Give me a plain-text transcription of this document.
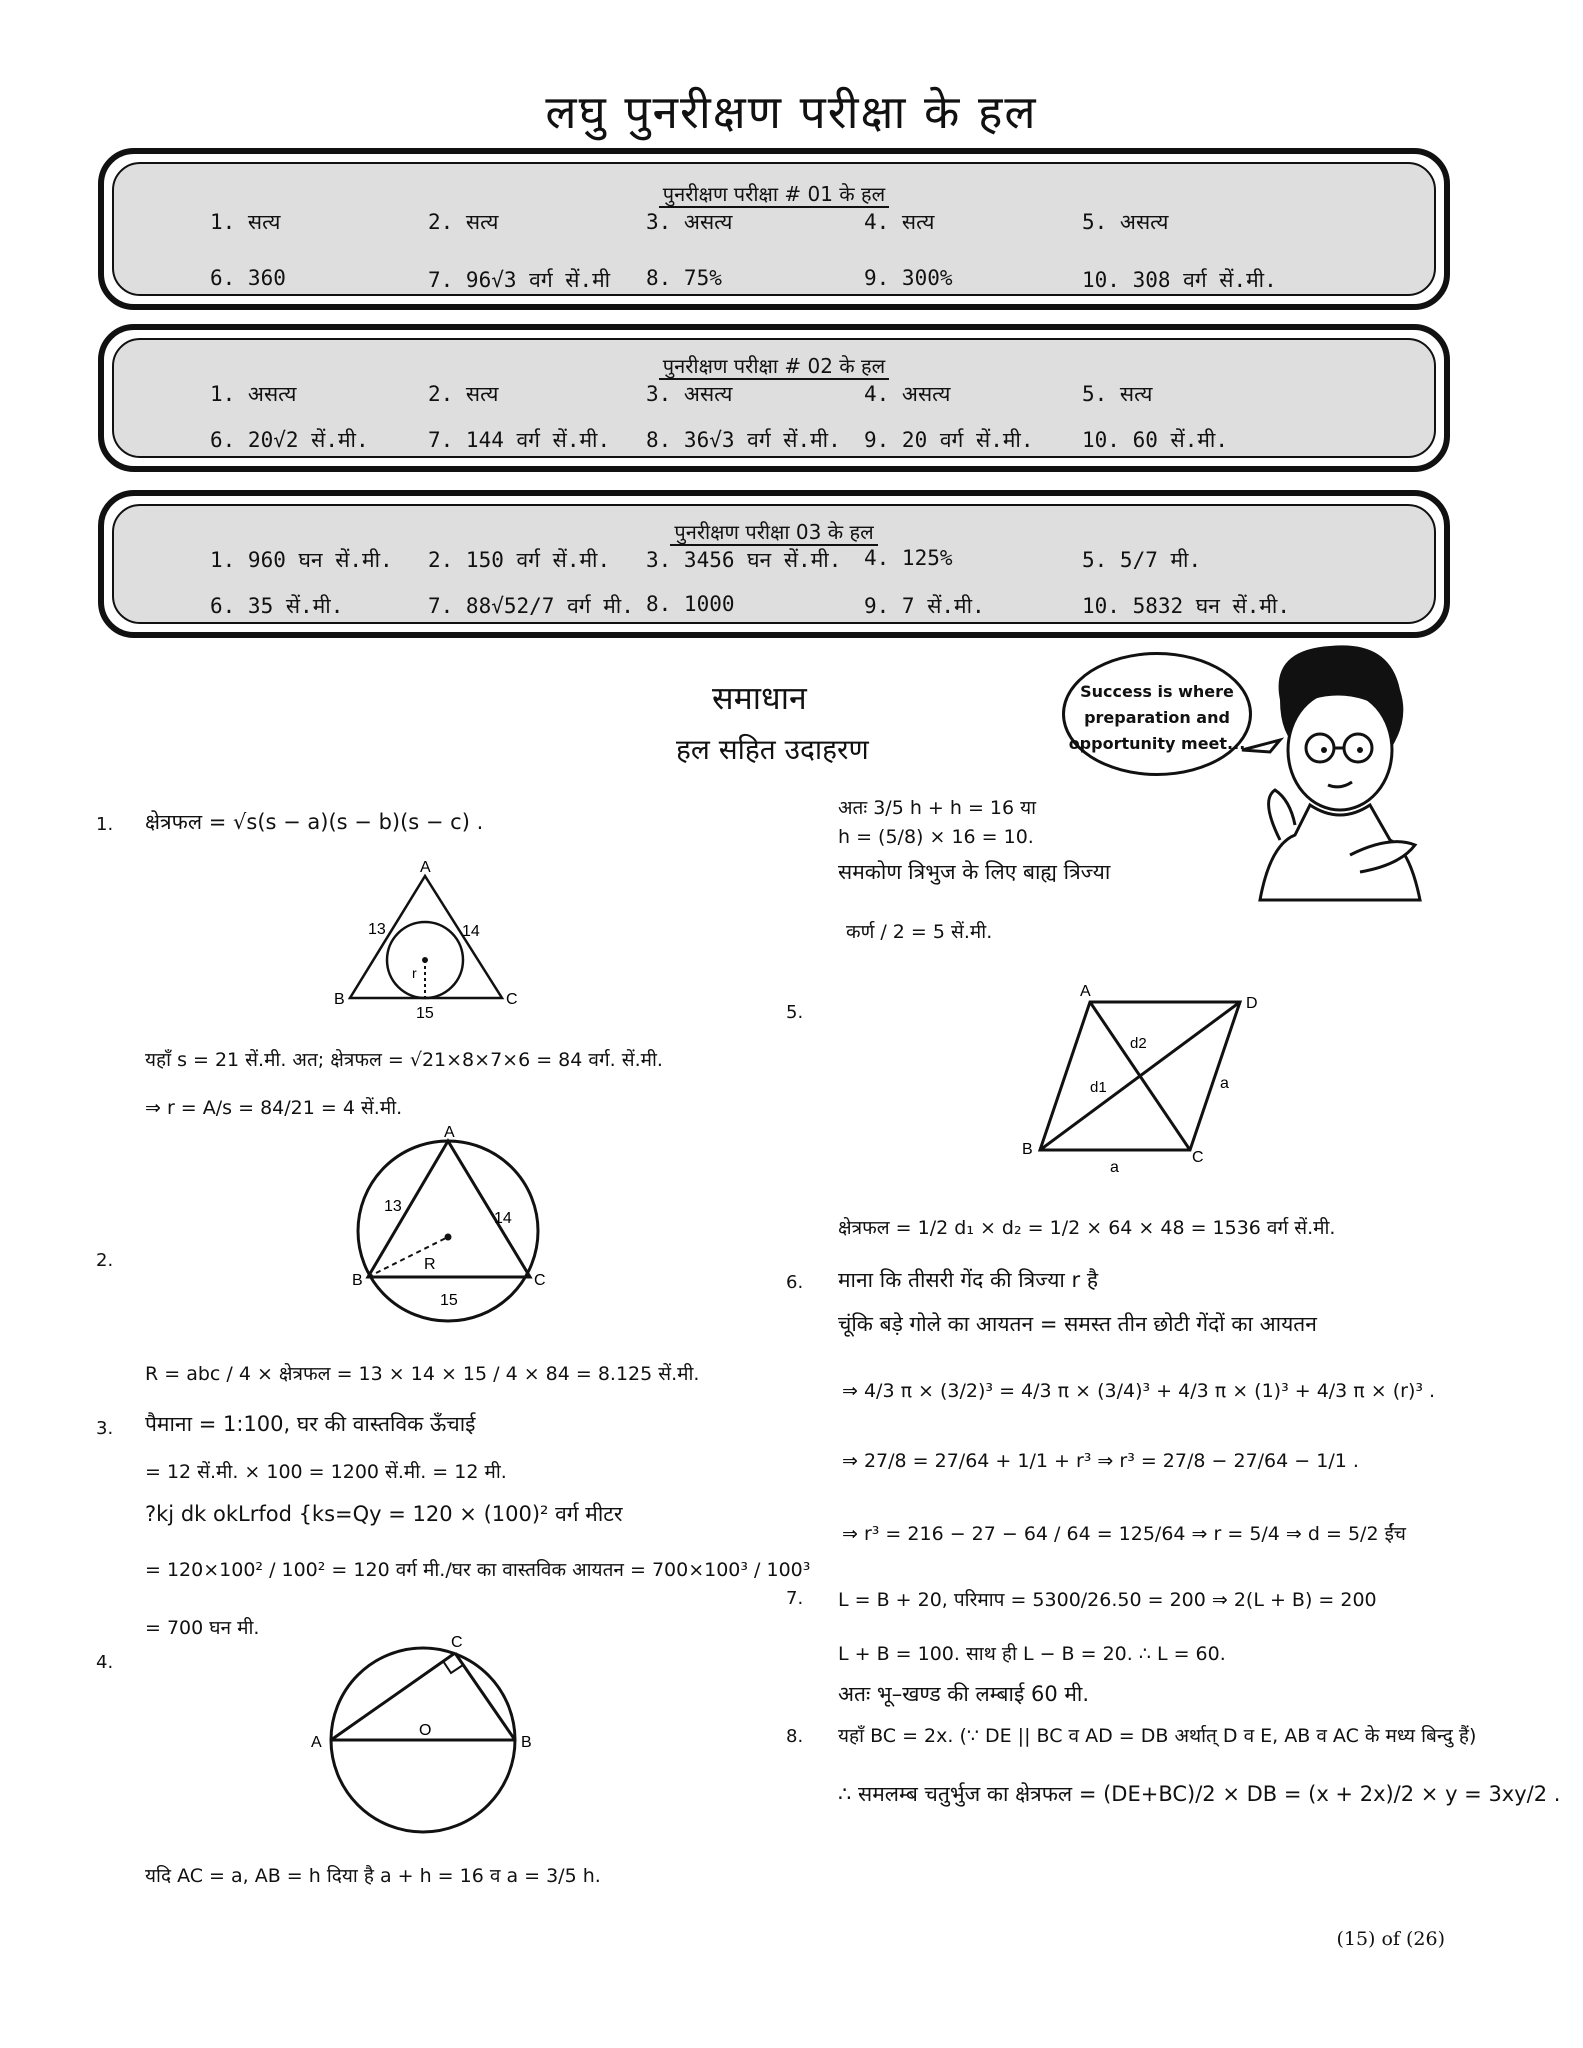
लघु पुनरीक्षण परीक्षा के हल
पुनरीक्षण परीक्षा # 01 के हल
1. सत्य	2. सत्य	3. असत्य	4. सत्य	5. असत्य
6. 360	7. 96√3 वर्ग सें.मी 8. 75%	9. 300%	10. 308 वर्ग सें.मी.
पुनरीक्षण परीक्षा # 02 के हल
1. असत्य	2. सत्य	3. असत्य	4. असत्य	5. सत्य
6. 20√2 सें.मी.	7. 144 वर्ग सें.मी. 8. 36√3 वर्ग सें.मी. 9. 20 वर्ग सें.मी. 10. 60 सें.मी.
पुनरीक्षण परीक्षा 03 के हल
1. 960 घन सें.मी. 2. 150 वर्ग सें.मी. 3. 3456 घन सें.मी. 4. 125%	5. 5/7 मी.
6. 35 सें.मी.	7. 88√52/7 वर्ग मी. 8. 1000	9. 7 सें.मी.	10. 5832 घन सें.मी.
समाधान
हल सहित उदाहरण
Success is where
preparation and
opportunity meet...
1. क्षेत्रफल = √s(s − a)(s − b)(s − c) .
A
B	C
13	14
15
r
यहाँ s = 21 सें.मी. अत; क्षेत्रफल = √21×8×7×6 = 84 वर्ग. सें.मी.
⇒ r = A/s = 84/21 = 4 सें.मी.
A
B	C
13
14
15
R
2.
R = abc / 4 × क्षेत्रफल = 13 × 14 × 15 / 4 × 84 = 8.125 सें.मी.
3. पैमाना = 1:100, घर की वास्तविक ऊँचाई
= 12 सें.मी. × 100 = 1200 सें.मी. = 12 मी.
?kj dk okLrfod {ks=Qy = 120 × (100)² वर्ग मीटर
= 120×100² / 100² = 120 वर्ग मी./घर का वास्तविक आयतन = 700×100³ / 100³
= 700 घन मी.
4.
C
A	B
O
यदि AC = a, AB = h दिया है a + h = 16 व a = 3/5 h.
अतः 3/5 h + h = 16 या
h = (5/8) × 16 = 10.
समकोण त्रिभुज के लिए बाह्य त्रिज्या
कर्ण / 2 = 5 सें.मी.
5.
A
B	C
D
a
a
d2
d1
क्षेत्रफल = 1/2 d₁ × d₂ = 1/2 × 64 × 48 = 1536 वर्ग सें.मी.
6. माना कि तीसरी गेंद की त्रिज्या r है
चूंकि बड़े गोले का आयतन = समस्त तीन छोटी गेंदों का आयतन
⇒ 4/3 π × (3/2)³ = 4/3 π × (3/4)³ + 4/3 π × (1)³ + 4/3 π × (r)³ .
⇒ 27/8 = 27/64 + 1/1 + r³ ⇒ r³ = 27/8 − 27/64 − 1/1 .
⇒ r³ = 216 − 27 − 64 / 64 = 125/64 ⇒ r = 5/4 ⇒ d = 5/2 ईंच
7. L = B + 20, परिमाप = 5300/26.50 = 200 ⇒ 2(L + B) = 200
L + B = 100. साथ ही L − B = 20. ∴ L = 60.
अतः भू–खण्ड की लम्बाई 60 मी.
8. यहाँ BC = 2x. (∵ DE || BC व AD = DB अर्थात् D व E, AB व AC के मध्य बिन्दु हैं)
∴ समलम्ब चतुर्भुज का क्षेत्रफल = (DE+BC)/2 × DB = (x + 2x)/2 × y = 3xy/2 .
(15) of (26)
